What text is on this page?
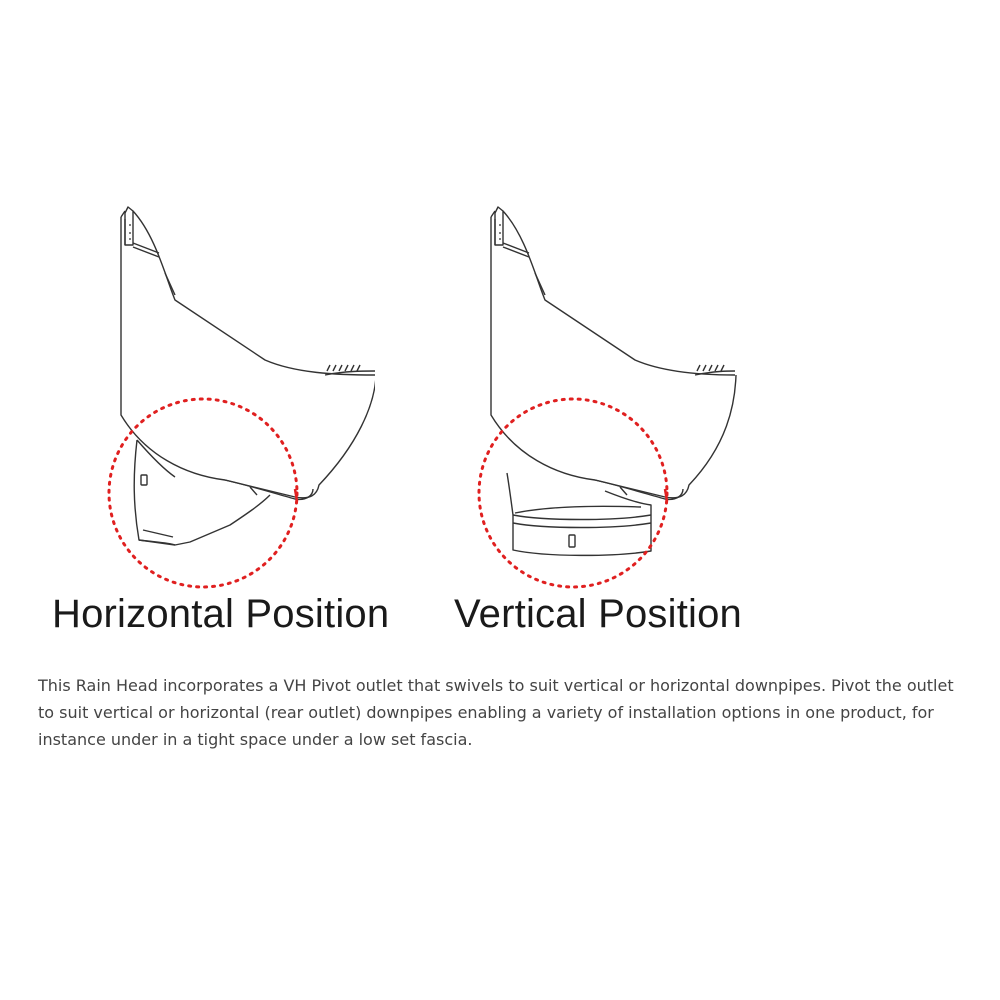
Horizontal Position Vertical Position

This Rain Head incorporates a VH Pivot outlet that swivels to suit vertical or horizontal downpipes. Pivot the outlet to suit vertical or horizontal (rear outlet) downpipes enabling a variety of installation options in one product, for instance under in a tight space under a low set fascia.
